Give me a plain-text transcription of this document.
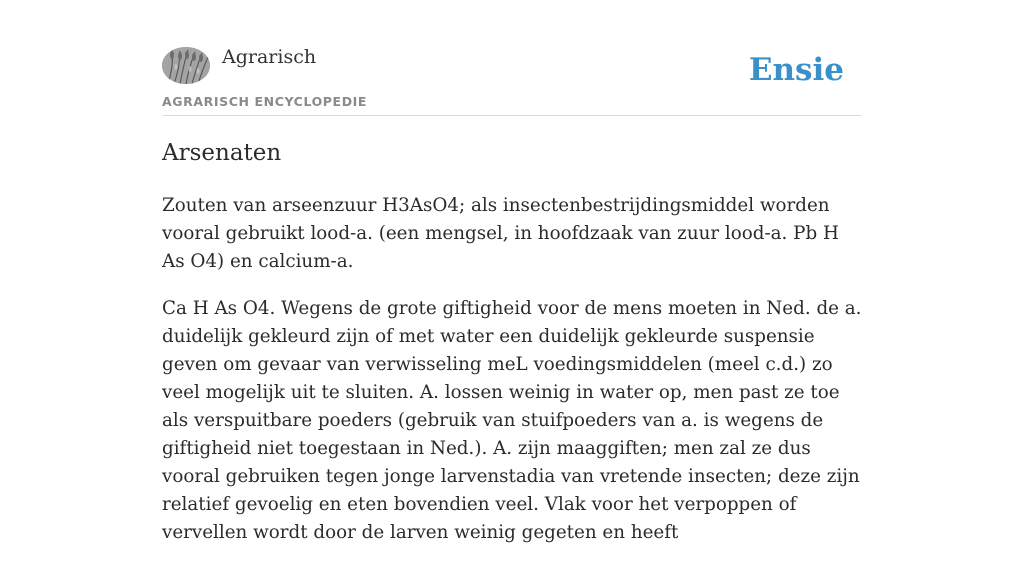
Agrarisch	Ensie
AGRARISCH ENCYCLOPEDIE
Arsenaten

Zouten van arseenzuur H3AsO4; als insectenbestrijdingsmiddel worden vooral gebruikt lood-a. (een mengsel, in hoofdzaak van zuur lood-a. Pb H As O4) en calcium-a.

Ca H As O4. Wegens de grote giftigheid voor de mens moeten in Ned. de a. duidelijk gekleurd zijn of met water een duidelijk gekleurde suspensie geven om gevaar van verwisseling meL voedingsmiddelen (meel c.d.) zo veel mogelijk uit te sluiten. A. lossen weinig in water op, men past ze toe als verspuitbare poeders (gebruik van stuifpoeders van a. is wegens de giftigheid niet toegestaan in Ned.). A. zijn maaggiften; men zal ze dus vooral gebruiken tegen jonge larvenstadia van vretende insecten; deze zijn relatief gevoelig en eten bovendien veel. Vlak voor het verpoppen of vervellen wordt door de larven weinig gegeten en heeft
